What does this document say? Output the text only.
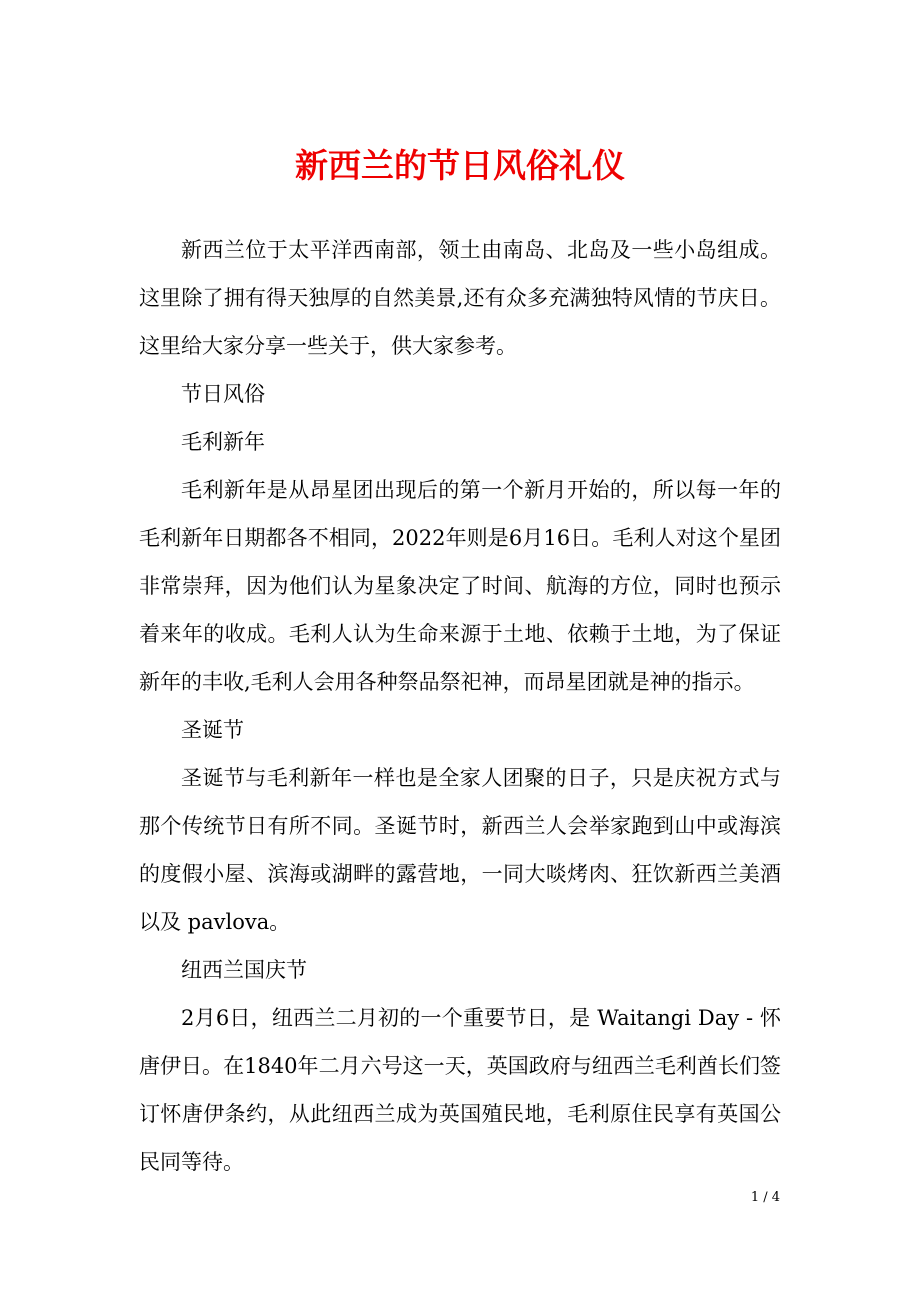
新西兰的节日风俗礼仪

新西兰位于太平洋西南部，领土由南岛、北岛及一些小岛组成。这里除了拥有得天独厚的自然美景,还有众多充满独特风情的节庆日。这里给大家分享一些关于，供大家参考。

节日风俗

毛利新年

毛利新年是从昂星团出现后的第一个新月开始的，所以每一年的毛利新年日期都各不相同，2022年则是6月16日。毛利人对这个星团非常崇拜，因为他们认为星象决定了时间、航海的方位，同时也预示着来年的收成。毛利人认为生命来源于土地、依赖于土地，为了保证新年的丰收,毛利人会用各种祭品祭祀神，而昂星团就是神的指示。

圣诞节

圣诞节与毛利新年一样也是全家人团聚的日子，只是庆祝方式与那个传统节日有所不同。圣诞节时，新西兰人会举家跑到山中或海滨的度假小屋、滨海或湖畔的露营地，一同大啖烤肉、狂饮新西兰美酒以及 pavlova。

纽西兰国庆节

2月6日，纽西兰二月初的一个重要节日，是 Waitangi Day - 怀唐伊日。在1840年二月六号这一天，英国政府与纽西兰毛利酋长们签订怀唐伊条约，从此纽西兰成为英国殖民地，毛利原住民享有英国公民同等待。

1 / 4
